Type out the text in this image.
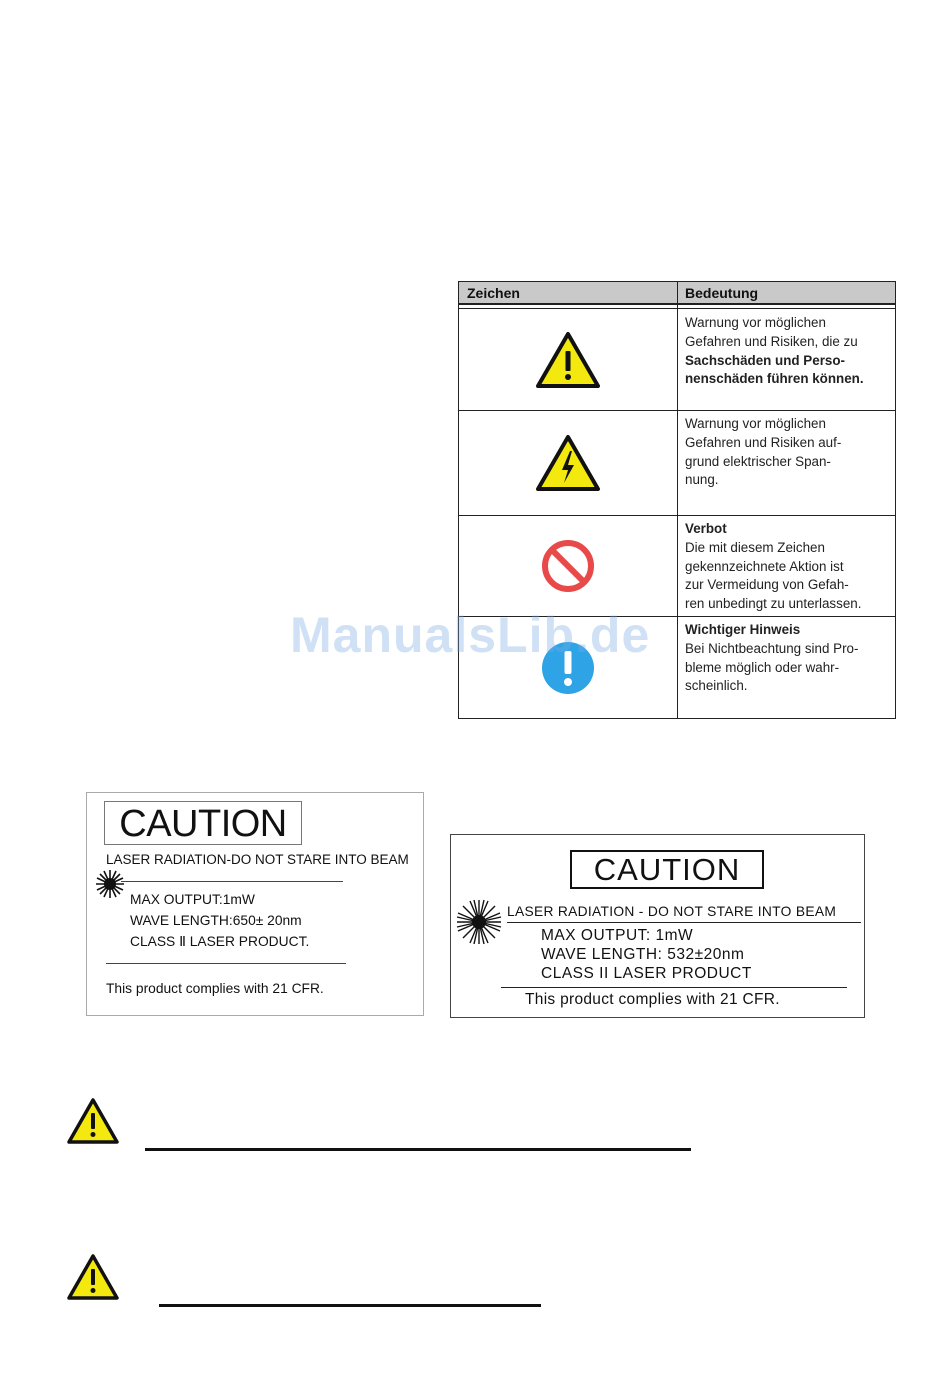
Zeichen	Bedeutung
Warnung vor möglichen
Gefahren und Risiken, die zu
Sachschäden und Perso-
nenschäden führen können.
Warnung vor möglichen
Gefahren und Risiken auf-
grund elektrischer Span-
nung.
Verbot
Die mit diesem Zeichen
gekennzeichnete Aktion ist
zur Vermeidung von Gefah-
ren unbedingt zu unterlassen.
Wichtiger Hinweis
Bei Nichtbeachtung sind Pro-
bleme möglich oder wahr-
scheinlich.
ManualsLib.de
CAUTION
LASER RADIATION-DO NOT STARE INTO BEAM
MAX OUTPUT:1mW
WAVE LENGTH:650± 20nm
CLASS Ⅱ LASER PRODUCT.
This product complies with 21 CFR.
CAUTION
LASER RADIATION - DO NOT STARE INTO BEAM
MAX OUTPUT: 1mW
WAVE LENGTH: 532±20nm
CLASS II LASER PRODUCT
This product complies with 21 CFR.
